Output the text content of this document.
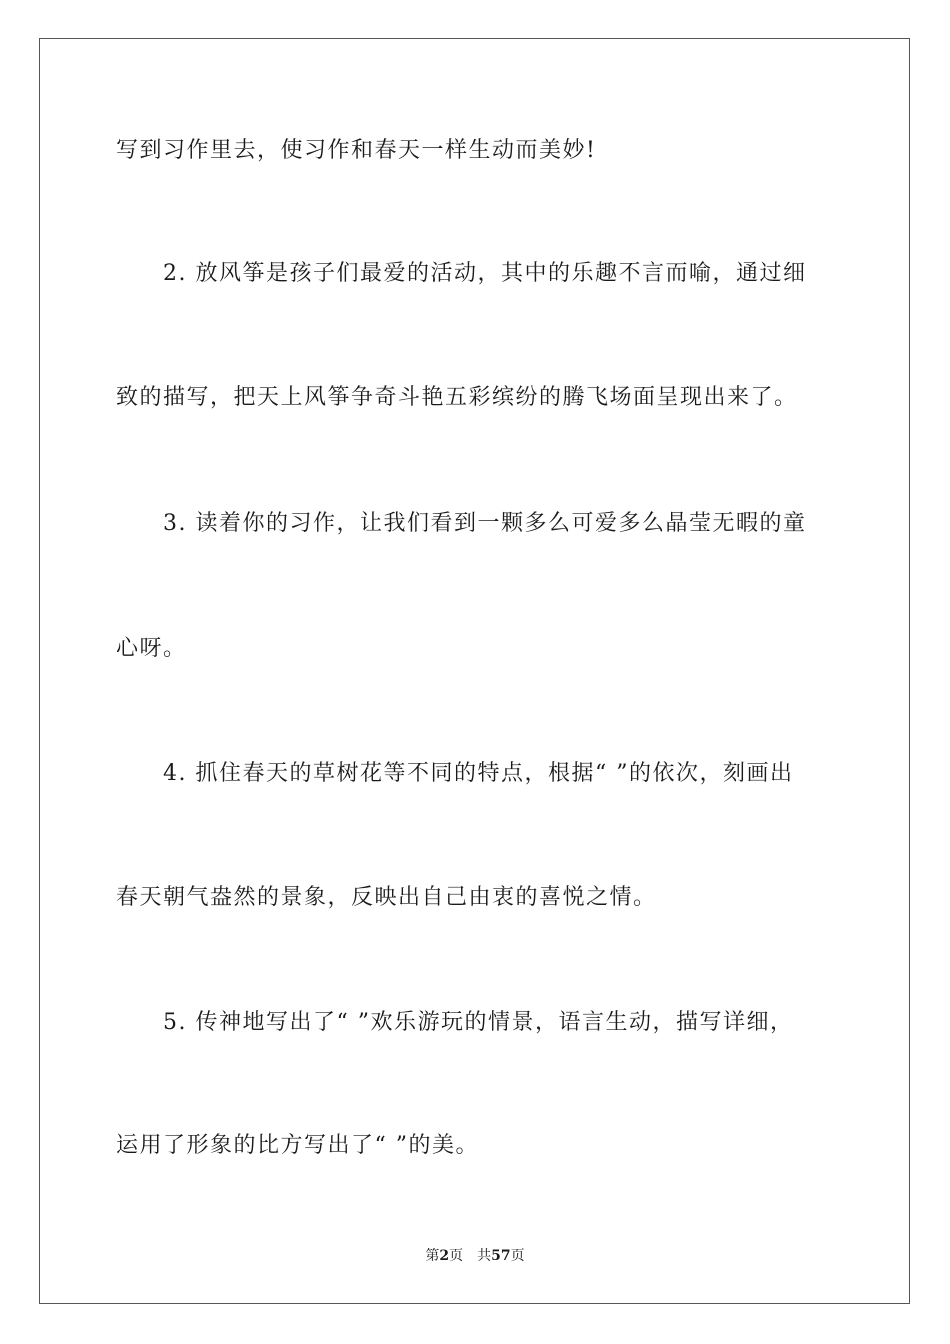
写到习作里去，使习作和春天一样生动而美妙!
2. 放风筝是孩子们最爱的活动，其中的乐趣不言而喻，通过细
致的描写，把天上风筝争奇斗艳五彩缤纷的腾飞场面呈现出来了。
3. 读着你的习作，让我们看到一颗多么可爱多么晶莹无暇的童
心呀。
4. 抓住春天的草树花等不同的特点，根据“ ”的依次，刻画出
春天朝气盎然的景象，反映出自己由衷的喜悦之情。
5. 传神地写出了“ ”欢乐游玩的情景，语言生动，描写详细，
运用了形象的比方写出了“ ”的美。
第2页 共57页
